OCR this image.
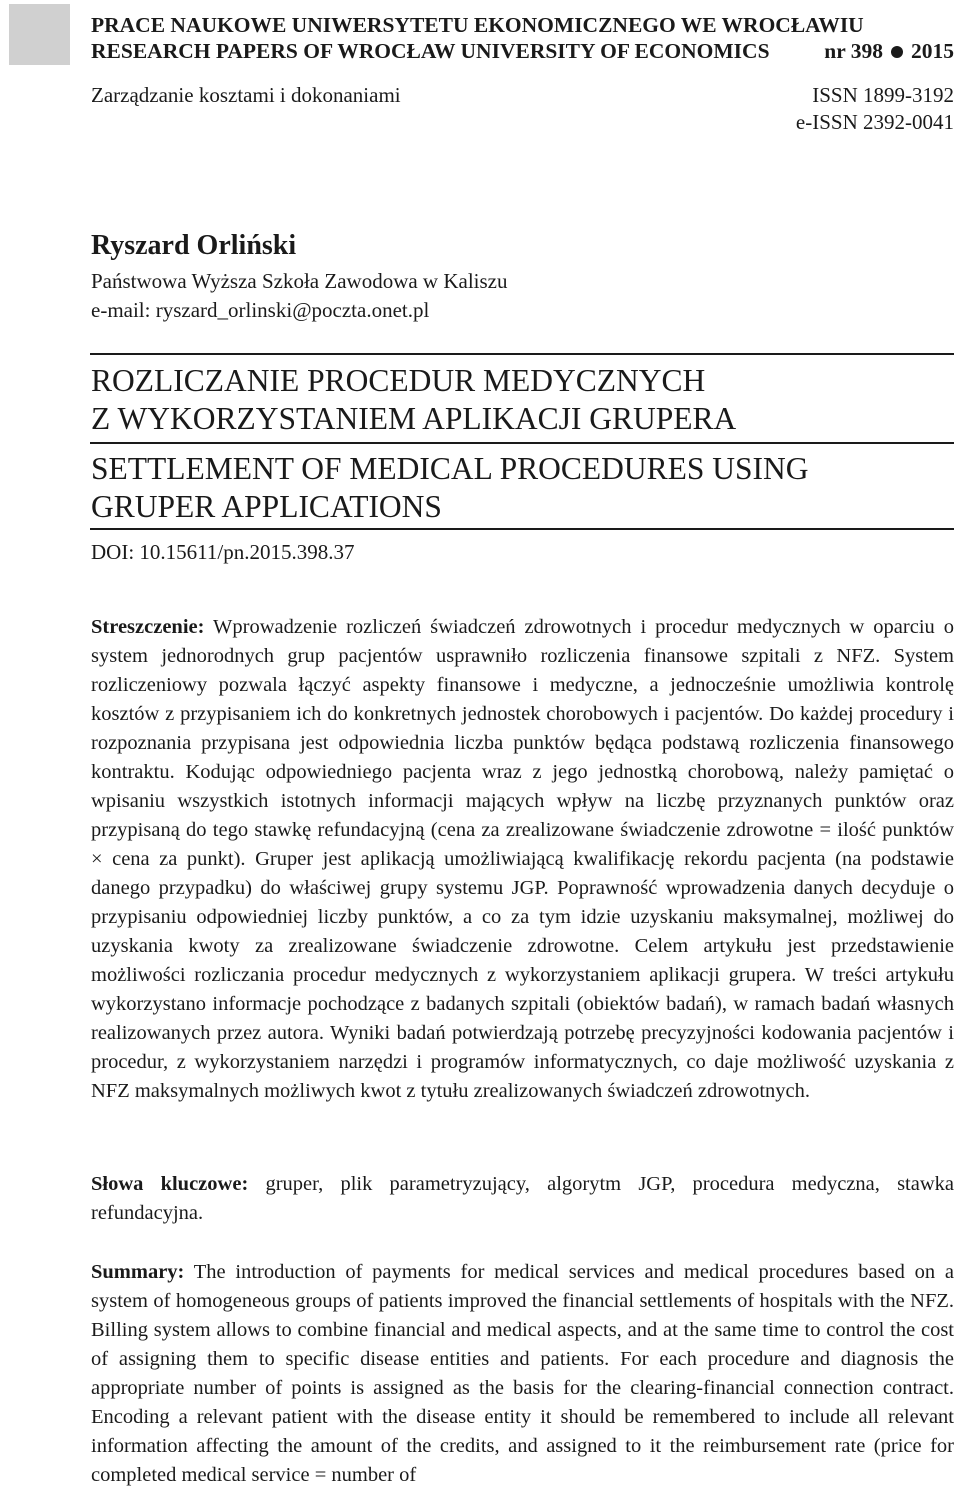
PRACE NAUKOWE UNIWERSYTETU EKONOMICZNEGO WE WROCŁAWIU
RESEARCH PAPERS OF WROCŁAW UNIVERSITY OF ECONOMICS	nr 398 2015
Zarządzanie kosztami i dokonaniami	ISSN 1899-3192
e-ISSN 2392-0041
Ryszard Orliński
Państwowa Wyższa Szkoła Zawodowa w Kaliszu
e-mail: ryszard_orlinski@poczta.onet.pl
ROZLICZANIE PROCEDUR MEDYCZNYCH
Z WYKORZYSTANIEM APLIKACJI GRUPERA
SETTLEMENT OF MEDICAL PROCEDURES USING
GRUPER APPLICATIONS
DOI: 10.15611/pn.2015.398.37

Streszczenie: Wprowadzenie rozliczeń świadczeń zdrowotnych i procedur medycznych w oparciu o system jednorodnych grup pacjentów usprawniło rozliczenia finansowe szpitali z NFZ. System rozliczeniowy pozwala łączyć aspekty finansowe i medyczne, a jednocześnie umożliwia kontrolę kosztów z przypisaniem ich do konkretnych jednostek chorobowych i pacjentów. Do każdej procedury i rozpoznania przypisana jest odpowiednia liczba punktów będąca podstawą rozliczenia finansowego kontraktu. Kodując odpowiedniego pacjenta wraz z jego jednostką chorobową, należy pamiętać o wpisaniu wszystkich istotnych informacji mających wpływ na liczbę przyznanych punktów oraz przypisaną do tego stawkę refundacyjną (cena za zrealizowane świadczenie zdrowotne = ilość punktów × cena za punkt). Gruper jest aplikacją umożliwiającą kwalifikację rekordu pacjenta (na podstawie danego przypadku) do właściwej grupy systemu JGP. Poprawność wprowadzenia danych decyduje o przypisaniu odpowiedniej liczby punktów, a co za tym idzie uzyskaniu maksymalnej, możliwej do uzyskania kwoty za zrealizowane świadczenie zdrowotne. Celem artykułu jest przedstawienie możliwości rozliczania procedur medycznych z wykorzystaniem aplikacji grupera. W treści artykułu wykorzystano informacje pochodzące z badanych szpitali (obiektów badań), w ramach badań własnych realizowanych przez autora. Wyniki badań potwierdzają potrzebę precyzyjności kodowania pacjentów i procedur, z wykorzystaniem narzędzi i programów informatycznych, co daje możliwość uzyskania z NFZ maksymalnych możliwych kwot z tytułu zrealizowanych świadczeń zdrowotnych.

Słowa kluczowe: gruper, plik parametryzujący, algorytm JGP, procedura medyczna, stawka refundacyjna.

Summary: The introduction of payments for medical services and medical procedures based on a system of homogeneous groups of patients improved the financial settlements of hospitals with the NFZ. Billing system allows to combine financial and medical aspects, and at the same time to control the cost of assigning them to specific disease entities and patients. For each procedure and diagnosis the appropriate number of points is assigned as the basis for the clearing-financial connection contract. Encoding a relevant patient with the disease entity it should be remembered to include all relevant information affecting the amount of the credits, and assigned to it the reimbursement rate (price for completed medical service = number of
